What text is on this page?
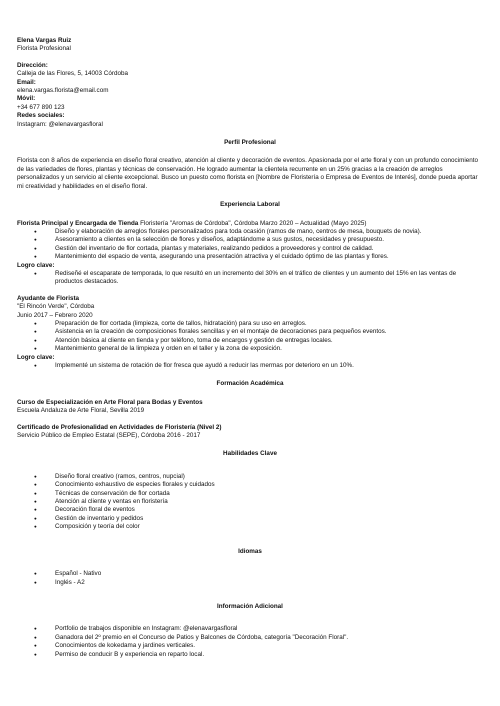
Elena Vargas Ruiz

Florista Profesional

Dirección:

Calleja de las Flores, 5, 14003 Córdoba

Email:

elena.vargas.florista@email.com

Móvil:

+34 677 890 123

Redes sociales:

Instagram: @elenavargasfloral

Perfil Profesional

Florista con 8 años de experiencia en diseño floral creativo, atención al cliente y decoración de eventos. Apasionada por el arte floral y con un profundo conocimiento de las variedades de flores, plantas y técnicas de conservación. He logrado aumentar la clientela recurrente en un 25% gracias a la creación de arreglos personalizados y un servicio al cliente excepcional. Busco un puesto como florista en [Nombre de Floristería o Empresa de Eventos de Interés], donde pueda aportar mi creatividad y habilidades en el diseño floral.

Experiencia Laboral

Florista Principal y Encargada de Tienda Floristería "Aromas de Córdoba", Córdoba Marzo 2020 – Actualidad (Mayo 2025)

● Diseño y elaboración de arreglos florales personalizados para toda ocasión (ramos de mano, centros de mesa, bouquets de novia).
● Asesoramiento a clientes en la selección de flores y diseños, adaptándome a sus gustos, necesidades y presupuesto.
● Gestión del inventario de flor cortada, plantas y materiales, realizando pedidos a proveedores y control de calidad.
● Mantenimiento del espacio de venta, asegurando una presentación atractiva y el cuidado óptimo de las plantas y flores.

Logro clave:

● Rediseñé el escaparate de temporada, lo que resultó en un incremento del 30% en el tráfico de clientes y un aumento del 15% en las ventas de productos destacados.

Ayudante de Florista

"El Rincón Verde", Córdoba

Junio 2017 – Febrero 2020

● Preparación de flor cortada (limpieza, corte de tallos, hidratación) para su uso en arreglos.
● Asistencia en la creación de composiciones florales sencillas y en el montaje de decoraciones para pequeños eventos.
● Atención básica al cliente en tienda y por teléfono, toma de encargos y gestión de entregas locales.
● Mantenimiento general de la limpieza y orden en el taller y la zona de exposición.

Logro clave:

● Implementé un sistema de rotación de flor fresca que ayudó a reducir las mermas por deterioro en un 10%.

Formación Académica

Curso de Especialización en Arte Floral para Bodas y Eventos

Escuela Andaluza de Arte Floral, Sevilla 2019

Certificado de Profesionalidad en Actividades de Floristería (Nivel 2)

Servicio Público de Empleo Estatal (SEPE), Córdoba 2016 - 2017

Habilidades Clave

● Diseño floral creativo (ramos, centros, nupcial)
● Conocimiento exhaustivo de especies florales y cuidados
● Técnicas de conservación de flor cortada
● Atención al cliente y ventas en floristería
● Decoración floral de eventos
● Gestión de inventario y pedidos
● Composición y teoría del color

Idiomas

● Español - Nativo
● Inglés - A2

Información Adicional

● Portfolio de trabajos disponible en Instagram: @elenavargasfloral
● Ganadora del 2º premio en el Concurso de Patios y Balcones de Córdoba, categoría "Decoración Floral".
● Conocimientos de kokedama y jardines verticales.
● Permiso de conducir B y experiencia en reparto local.
